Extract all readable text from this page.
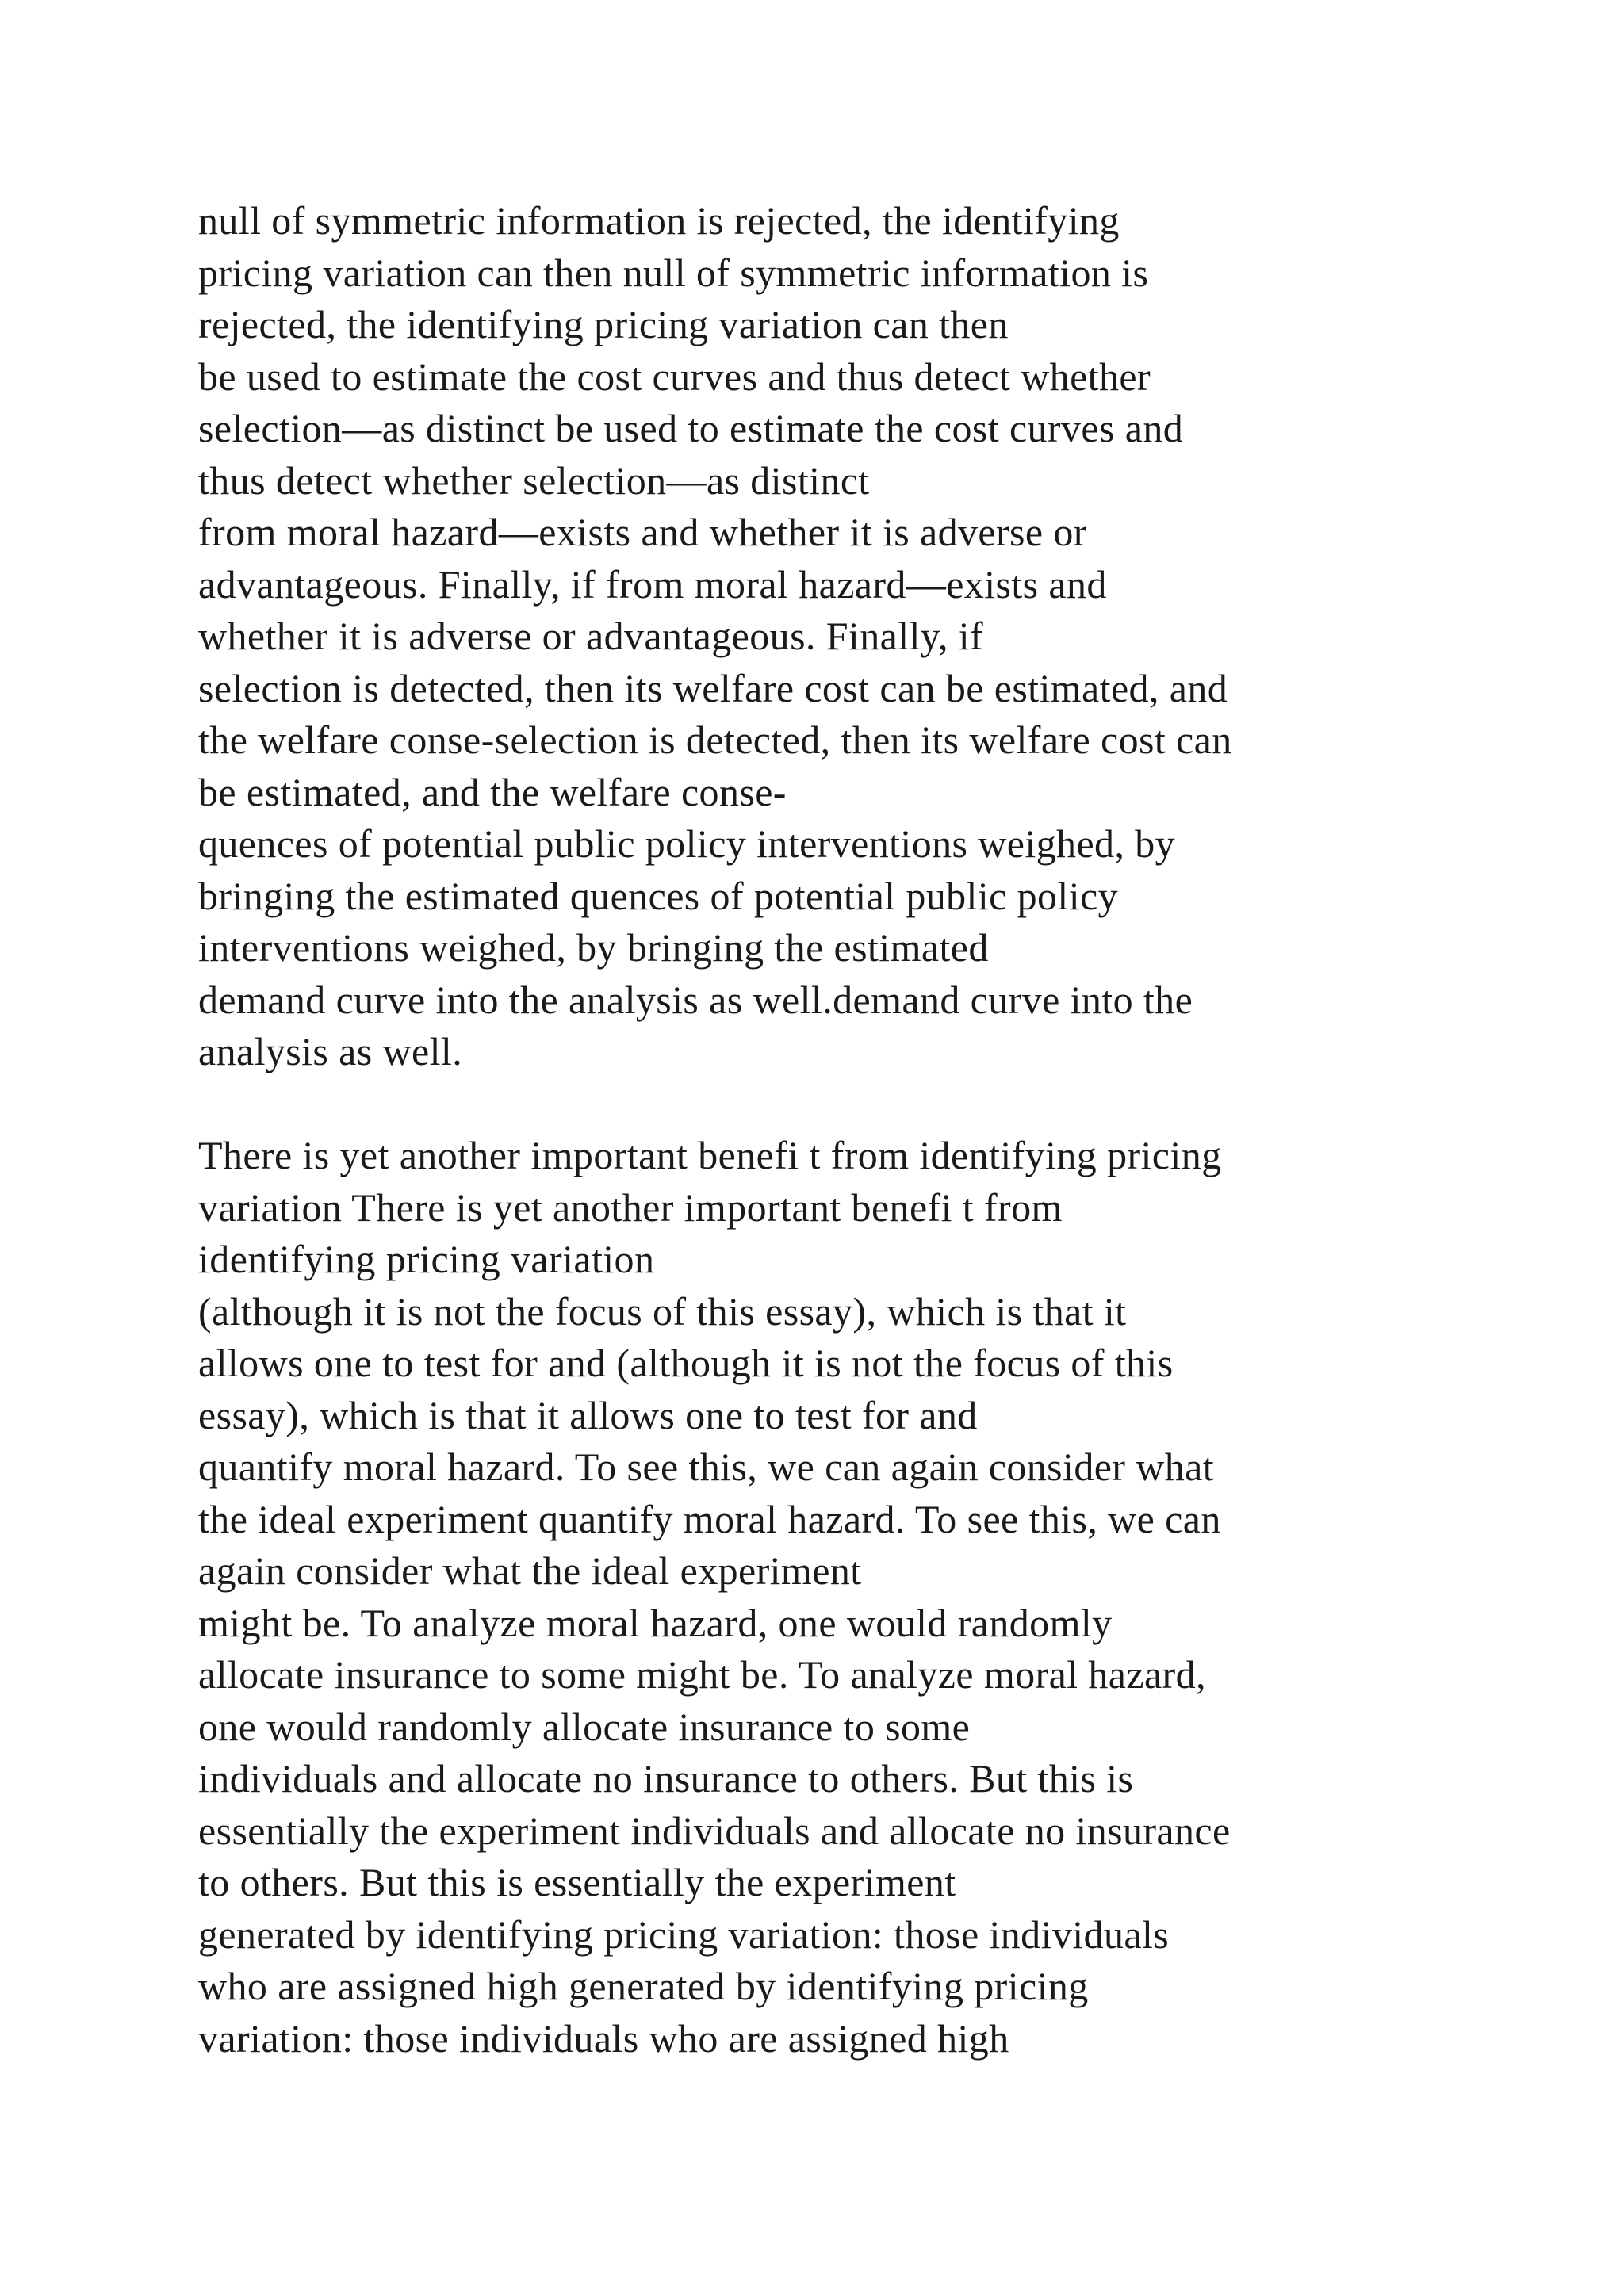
null of symmetric information is rejected, the identifying
pricing variation can then null of symmetric information is
rejected, the identifying pricing variation can then
be used to estimate the cost curves and thus detect whether
selection—as distinct be used to estimate the cost curves and
thus detect whether selection—as distinct
from moral hazard—exists and whether it is adverse or
advantageous. Finally, if from moral hazard—exists and
whether it is adverse or advantageous. Finally, if
selection is detected, then its welfare cost can be estimated, and
the welfare conse-selection is detected, then its welfare cost can
be estimated, and the welfare conse-
quences of potential public policy interventions weighed, by
bringing the estimated quences of potential public policy
interventions weighed, by bringing the estimated
demand curve into the analysis as well.demand curve into the
analysis as well.
There is yet another important benefi t from identifying pricing
variation There is yet another important benefi t from
identifying pricing variation
(although it is not the focus of this essay), which is that it
allows one to test for and (although it is not the focus of this
essay), which is that it allows one to test for and
quantify moral hazard. To see this, we can again consider what
the ideal experiment quantify moral hazard. To see this, we can
again consider what the ideal experiment
might be. To analyze moral hazard, one would randomly
allocate insurance to some might be. To analyze moral hazard,
one would randomly allocate insurance to some
individuals and allocate no insurance to others. But this is
essentially the experiment individuals and allocate no insurance
to others. But this is essentially the experiment
generated by identifying pricing variation: those individuals
who are assigned high generated by identifying pricing
variation: those individuals who are assigned high
